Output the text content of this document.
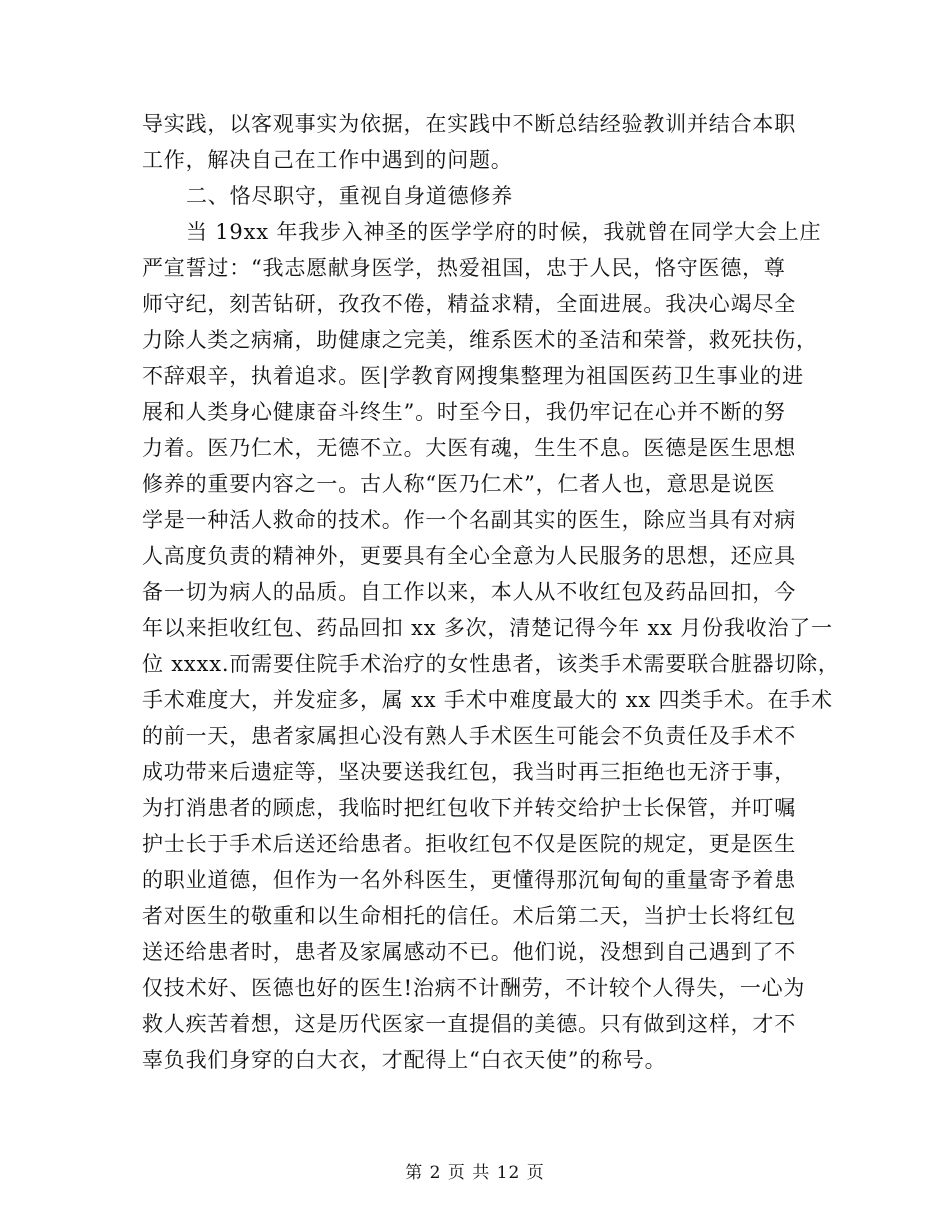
导实践，以客观事实为依据，在实践中不断总结经验教训并结合本职
工作，解决自己在工作中遇到的问题。
二、恪尽职守，重视自身道德修养
当 19xx 年我步入神圣的医学学府的时候，我就曾在同学大会上庄
严宣誓过：“我志愿献身医学，热爱祖国，忠于人民，恪守医德，尊
师守纪，刻苦钻研，孜孜不倦，精益求精，全面进展。我决心竭尽全
力除人类之病痛，助健康之完美，维系医术的圣洁和荣誉，救死扶伤，
不辞艰辛，执着追求。医|学教育网搜集整理为祖国医药卫生事业的进
展和人类身心健康奋斗终生”。时至今日，我仍牢记在心并不断的努
力着。医乃仁术，无德不立。大医有魂，生生不息。医德是医生思想
修养的重要内容之一。古人称“医乃仁术”，仁者人也，意思是说医
学是一种活人救命的技术。作一个名副其实的医生，除应当具有对病
人高度负责的精神外，更要具有全心全意为人民服务的思想，还应具
备一切为病人的品质。自工作以来，本人从不收红包及药品回扣，今
年以来拒收红包、药品回扣 xx 多次，清楚记得今年 xx 月份我收治了一
位 xxxx.而需要住院手术治疗的女性患者，该类手术需要联合脏器切除，
手术难度大，并发症多，属 xx 手术中难度最大的 xx 四类手术。在手术
的前一天，患者家属担心没有熟人手术医生可能会不负责任及手术不
成功带来后遗症等，坚决要送我红包，我当时再三拒绝也无济于事，
为打消患者的顾虑，我临时把红包收下并转交给护士长保管，并叮嘱
护士长于手术后送还给患者。拒收红包不仅是医院的规定，更是医生
的职业道德，但作为一名外科医生，更懂得那沉甸甸的重量寄予着患
者对医生的敬重和以生命相托的信任。术后第二天，当护士长将红包
送还给患者时，患者及家属感动不已。他们说，没想到自己遇到了不
仅技术好、医德也好的医生!治病不计酬劳，不计较个人得失，一心为
救人疾苦着想，这是历代医家一直提倡的美德。只有做到这样，才不
辜负我们身穿的白大衣，才配得上“白衣天使”的称号。
第 2 页 共 12 页
